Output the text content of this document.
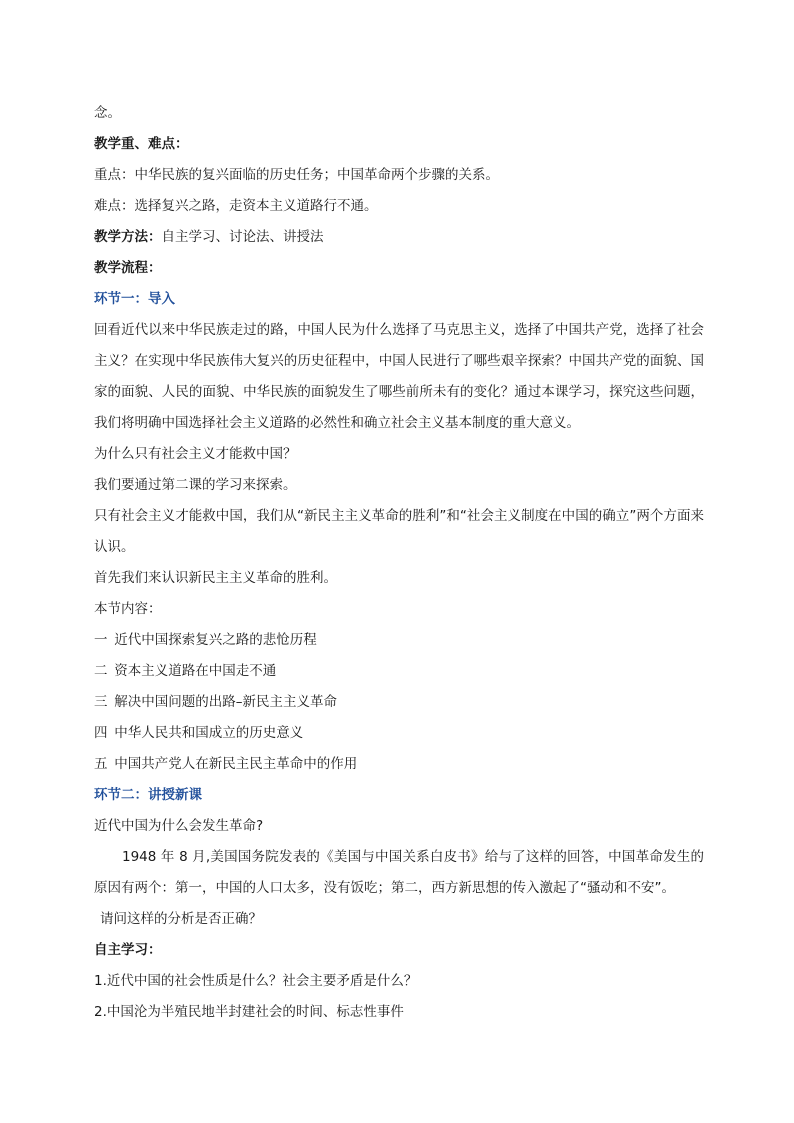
念。

教学重、难点：

重点：中华民族的复兴面临的历史任务；中国革命两个步骤的关系。

难点：选择复兴之路，走资本主义道路行不通。

教学方法：自主学习、讨论法、讲授法

教学流程：

环节一：导入

回看近代以来中华民族走过的路，中国人民为什么选择了马克思主义，选择了中国共产党，选择了社会主义？在实现中华民族伟大复兴的历史征程中，中国人民进行了哪些艰辛探索？中国共产党的面貌、国家的面貌、人民的面貌、中华民族的面貌发生了哪些前所未有的变化？通过本课学习，探究这些问题，我们将明确中国选择社会主义道路的必然性和确立社会主义基本制度的重大意义。

为什么只有社会主义才能救中国？

我们要通过第二课的学习来探索。

只有社会主义才能救中国，我们从“新民主主义革命的胜利”和“社会主义制度在中国的确立”两个方面来认识。

首先我们来认识新民主主义革命的胜利。

本节内容：

一 近代中国探索复兴之路的悲怆历程

二 资本主义道路在中国走不通

三 解决中国问题的出路–新民主主义革命

四 中华人民共和国成立的历史意义

五 中国共产党人在新民主民主革命中的作用

环节二：讲授新课

近代中国为什么会发生革命?

1948 年 8 月,美国国务院发表的《美国与中国关系白皮书》给与了这样的回答，中国革命发生的原因有两个：第一，中国的人口太多，没有饭吃；第二，西方新思想的传入激起了“骚动和不安”。

请问这样的分析是否正确？

自主学习：

1.近代中国的社会性质是什么？社会主要矛盾是什么？

2.中国沦为半殖民地半封建社会的时间、标志性事件
